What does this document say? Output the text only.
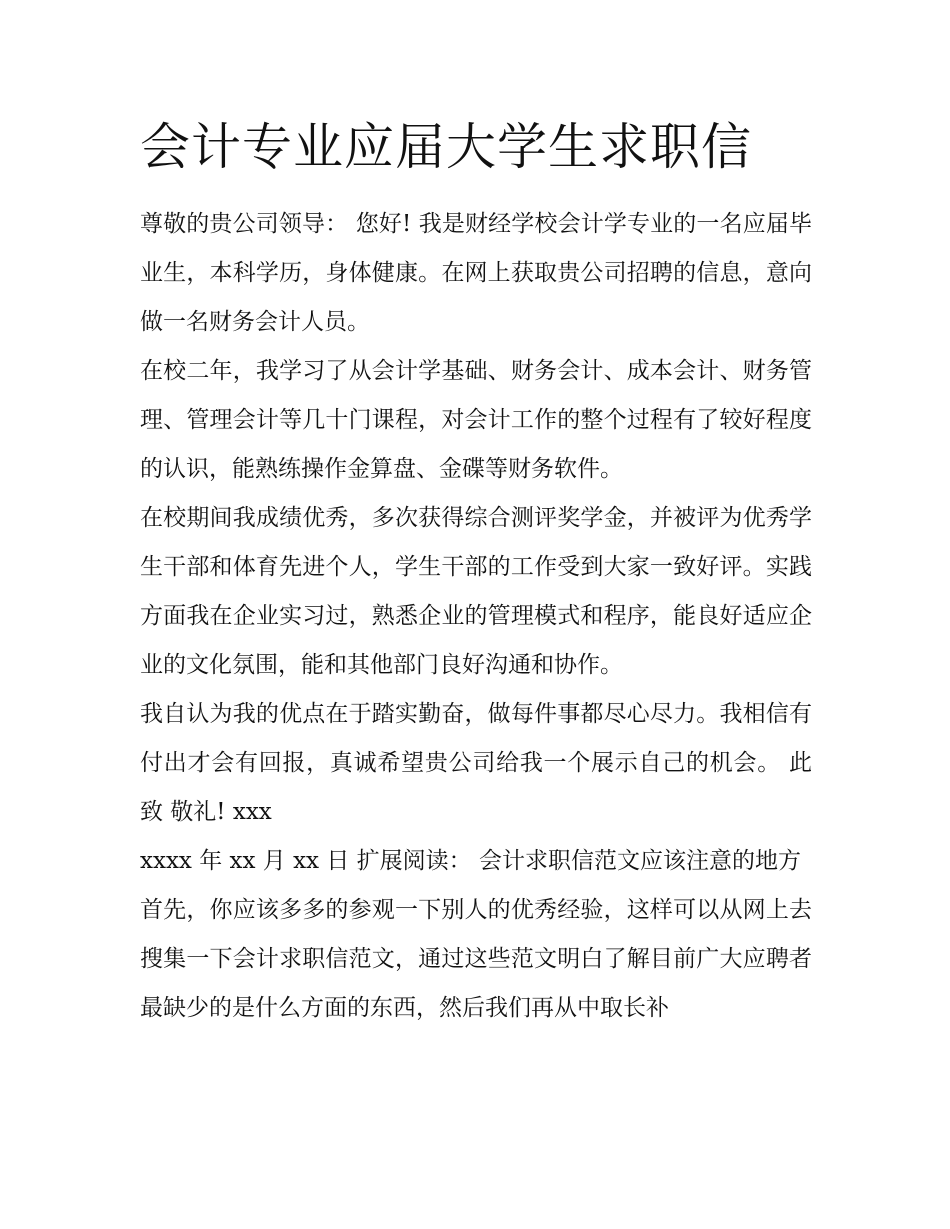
会计专业应届大学生求职信

尊敬的贵公司领导： 您好! 我是财经学校会计学专业的一名应届毕业生，本科学历，身体健康。在网上获取贵公司招聘的信息，意向做一名财务会计人员。

在校二年，我学习了从会计学基础、财务会计、成本会计、财务管理、管理会计等几十门课程，对会计工作的整个过程有了较好程度的认识，能熟练操作金算盘、金碟等财务软件。

在校期间我成绩优秀，多次获得综合测评奖学金，并被评为优秀学生干部和体育先进个人，学生干部的工作受到大家一致好评。实践方面我在企业实习过，熟悉企业的管理模式和程序，能良好适应企业的文化氛围，能和其他部门良好沟通和协作。

我自认为我的优点在于踏实勤奋，做每件事都尽心尽力。我相信有付出才会有回报，真诚希望贵公司给我一个展示自己的机会。 此致 敬礼! xxx

xxxx 年 xx 月 xx 日 扩展阅读： 会计求职信范文应该注意的地方

首先，你应该多多的参观一下别人的优秀经验，这样可以从网上去搜集一下会计求职信范文，通过这些范文明白了解目前广大应聘者最缺少的是什么方面的东西，然后我们再从中取长补
